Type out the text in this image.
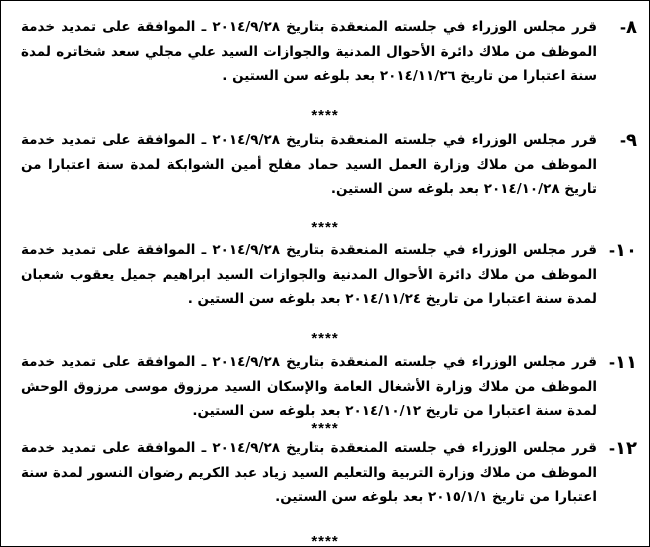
٨-
قرر مجلس الوزراء في جلسته المنعقدة بتاريخ ٢٠١٤/٩/٢٨ ـ الموافقة على تمديد خدمة الموظف من ملاك دائرة الأحوال المدنية والجوازات السيد علي مجلي سعد شخاتره لمدة سنة اعتبارا من تاريخ ٢٠١٤/١١/٢٦ بعد بلوغه سن الستين .
****
٩-
قرر مجلس الوزراء في جلسته المنعقدة بتاريخ ٢٠١٤/٩/٢٨ ـ الموافقة على تمديد خدمة الموظف من ملاك وزارة العمل السيد حماد مفلح أمين الشوابكة لمدة سنة اعتبارا من تاريخ ٢٠١٤/١٠/٢٨ بعد بلوغه سن الستين.
****
١٠-
قرر مجلس الوزراء في جلسته المنعقدة بتاريخ ٢٠١٤/٩/٢٨ ـ الموافقة على تمديد خدمة الموظف من ملاك دائرة الأحوال المدنية والجوازات السيد ابراهيم جميل يعقوب شعبان لمدة سنة اعتبارا من تاريخ ٢٠١٤/١١/٢٤ بعد بلوغه سن الستين .
****
١١-
قرر مجلس الوزراء في جلسته المنعقدة بتاريخ ٢٠١٤/٩/٢٨ ـ الموافقة على تمديد خدمة الموظف من ملاك وزارة الأشغال العامة والإسكان السيد مرزوق موسى مرزوق الوحش لمدة سنة اعتبارا من تاريخ ٢٠١٤/١٠/١٢ بعد بلوغه سن الستين.
****
١٢-
قرر مجلس الوزراء في جلسته المنعقدة بتاريخ ٢٠١٤/٩/٢٨ ـ الموافقة على تمديد خدمة الموظف من ملاك وزارة التربية والتعليم السيد زياد عبد الكريم رضوان النسور لمدة سنة اعتبارا من تاريخ ٢٠١٥/١/١ بعد بلوغه سن الستين.
****
